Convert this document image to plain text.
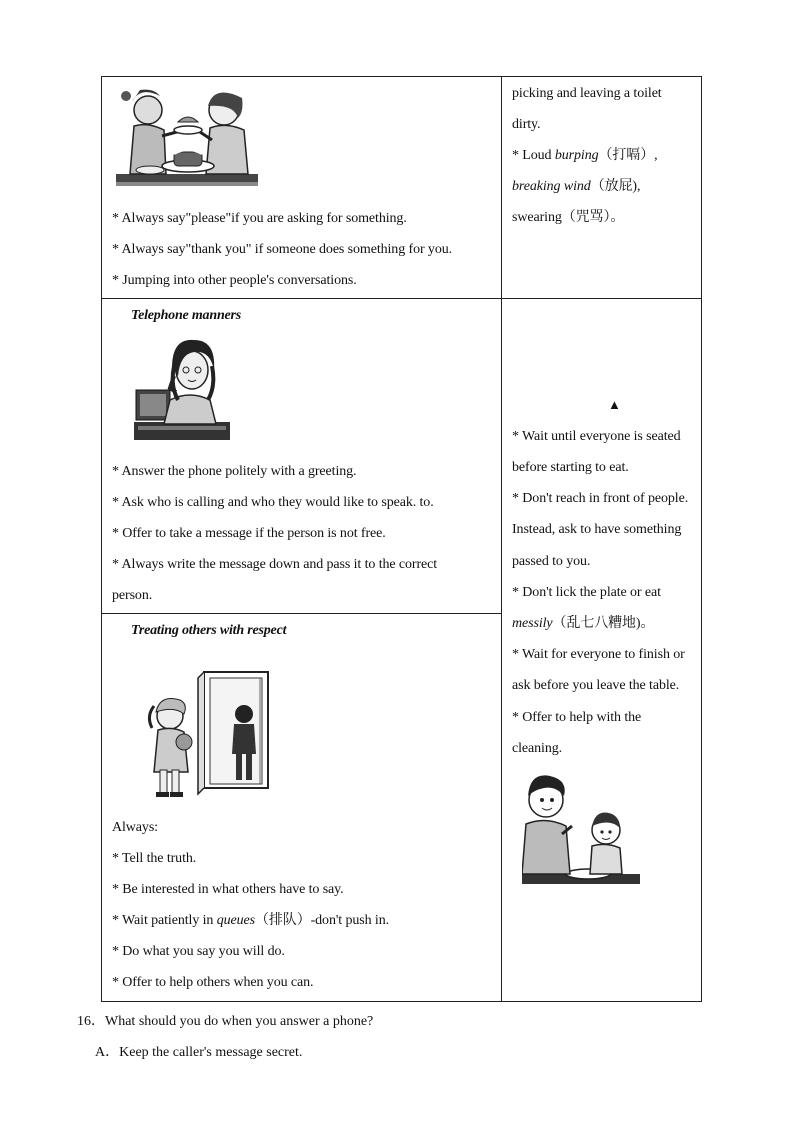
* Always say"please"if you are asking for something.
* Always say"thank you" if someone does something for you.
* Jumping into other people's conversations.
picking and leaving a toilet
dirty.
* Loud burping（打嗝）,
breaking wind（放屁),
swearing（咒骂）。
Telephone manners
* Answer the phone politely with a greeting.
* Ask who is calling and who they would like to speak. to.
* Offer to take a message if the person is not free.
* Always write the message down and pass it to the correct
person.
Treating others with respect
Always:
* Tell the truth.
* Be interested in what others have to say.
* Wait patiently in queues（排队）-don't push in.
* Do what you say you will do.
* Offer to help others when you can.
▲
* Wait until everyone is seated
before starting to eat.
* Don't reach in front of people.
Instead, ask to have something
passed to you.
* Don't lick the plate or eat
messily（乱七八糟地)。
* Wait for everyone to finish or
ask before you leave the table.
* Offer to help with the
cleaning.
16．What should you do when you answer a phone?
A．Keep the caller's message secret.
